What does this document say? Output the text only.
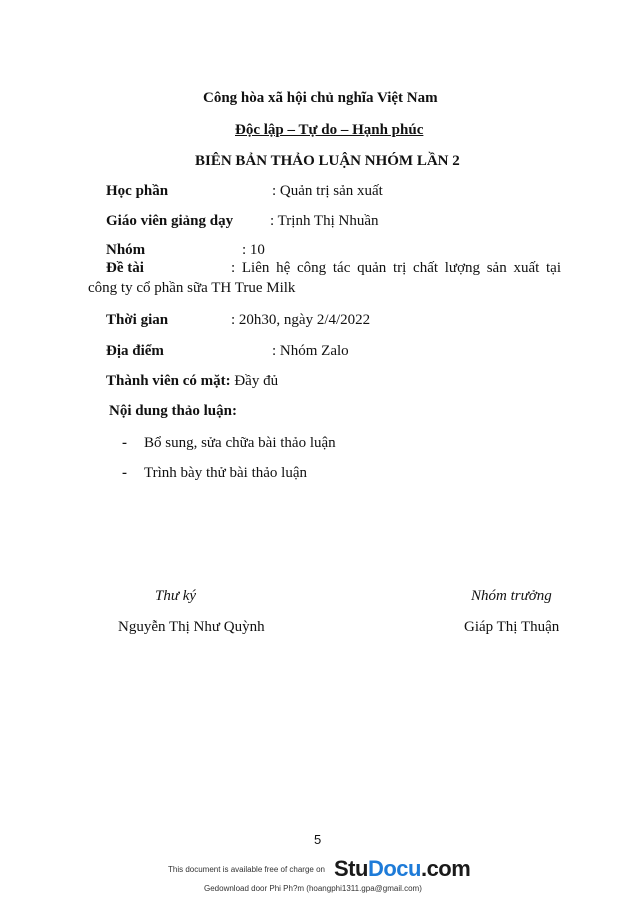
Công hòa xã hội chủ nghĩa Việt Nam
Độc lập – Tự do – Hạnh phúc
BIÊN BẢN THẢO LUẬN NHÓM LẦN 2
Học phần	: Quản trị sản xuất
Giáo viên giảng dạy : Trịnh Thị Nhuần
Nhóm	: 10
Đề tài	: Liên hệ công tác quản trị chất lượng sản xuất tại
công ty cổ phần sữa TH True Milk
Thời gian	: 20h30, ngày 2/4/2022
Địa điểm	: Nhóm Zalo
Thành viên có mặt: Đầy đủ
Nội dung thảo luận:
- Bổ sung, sửa chữa bài thảo luận
- Trình bày thử bài thảo luận
Thư ký
Nguyễn Thị Như Quỳnh
Nhóm trưởng
Giáp Thị Thuận
5
This document is available free of charge on StuDocu.com
Gedownload door Phi Ph?m (hoangphi1311.gpa@gmail.com)
